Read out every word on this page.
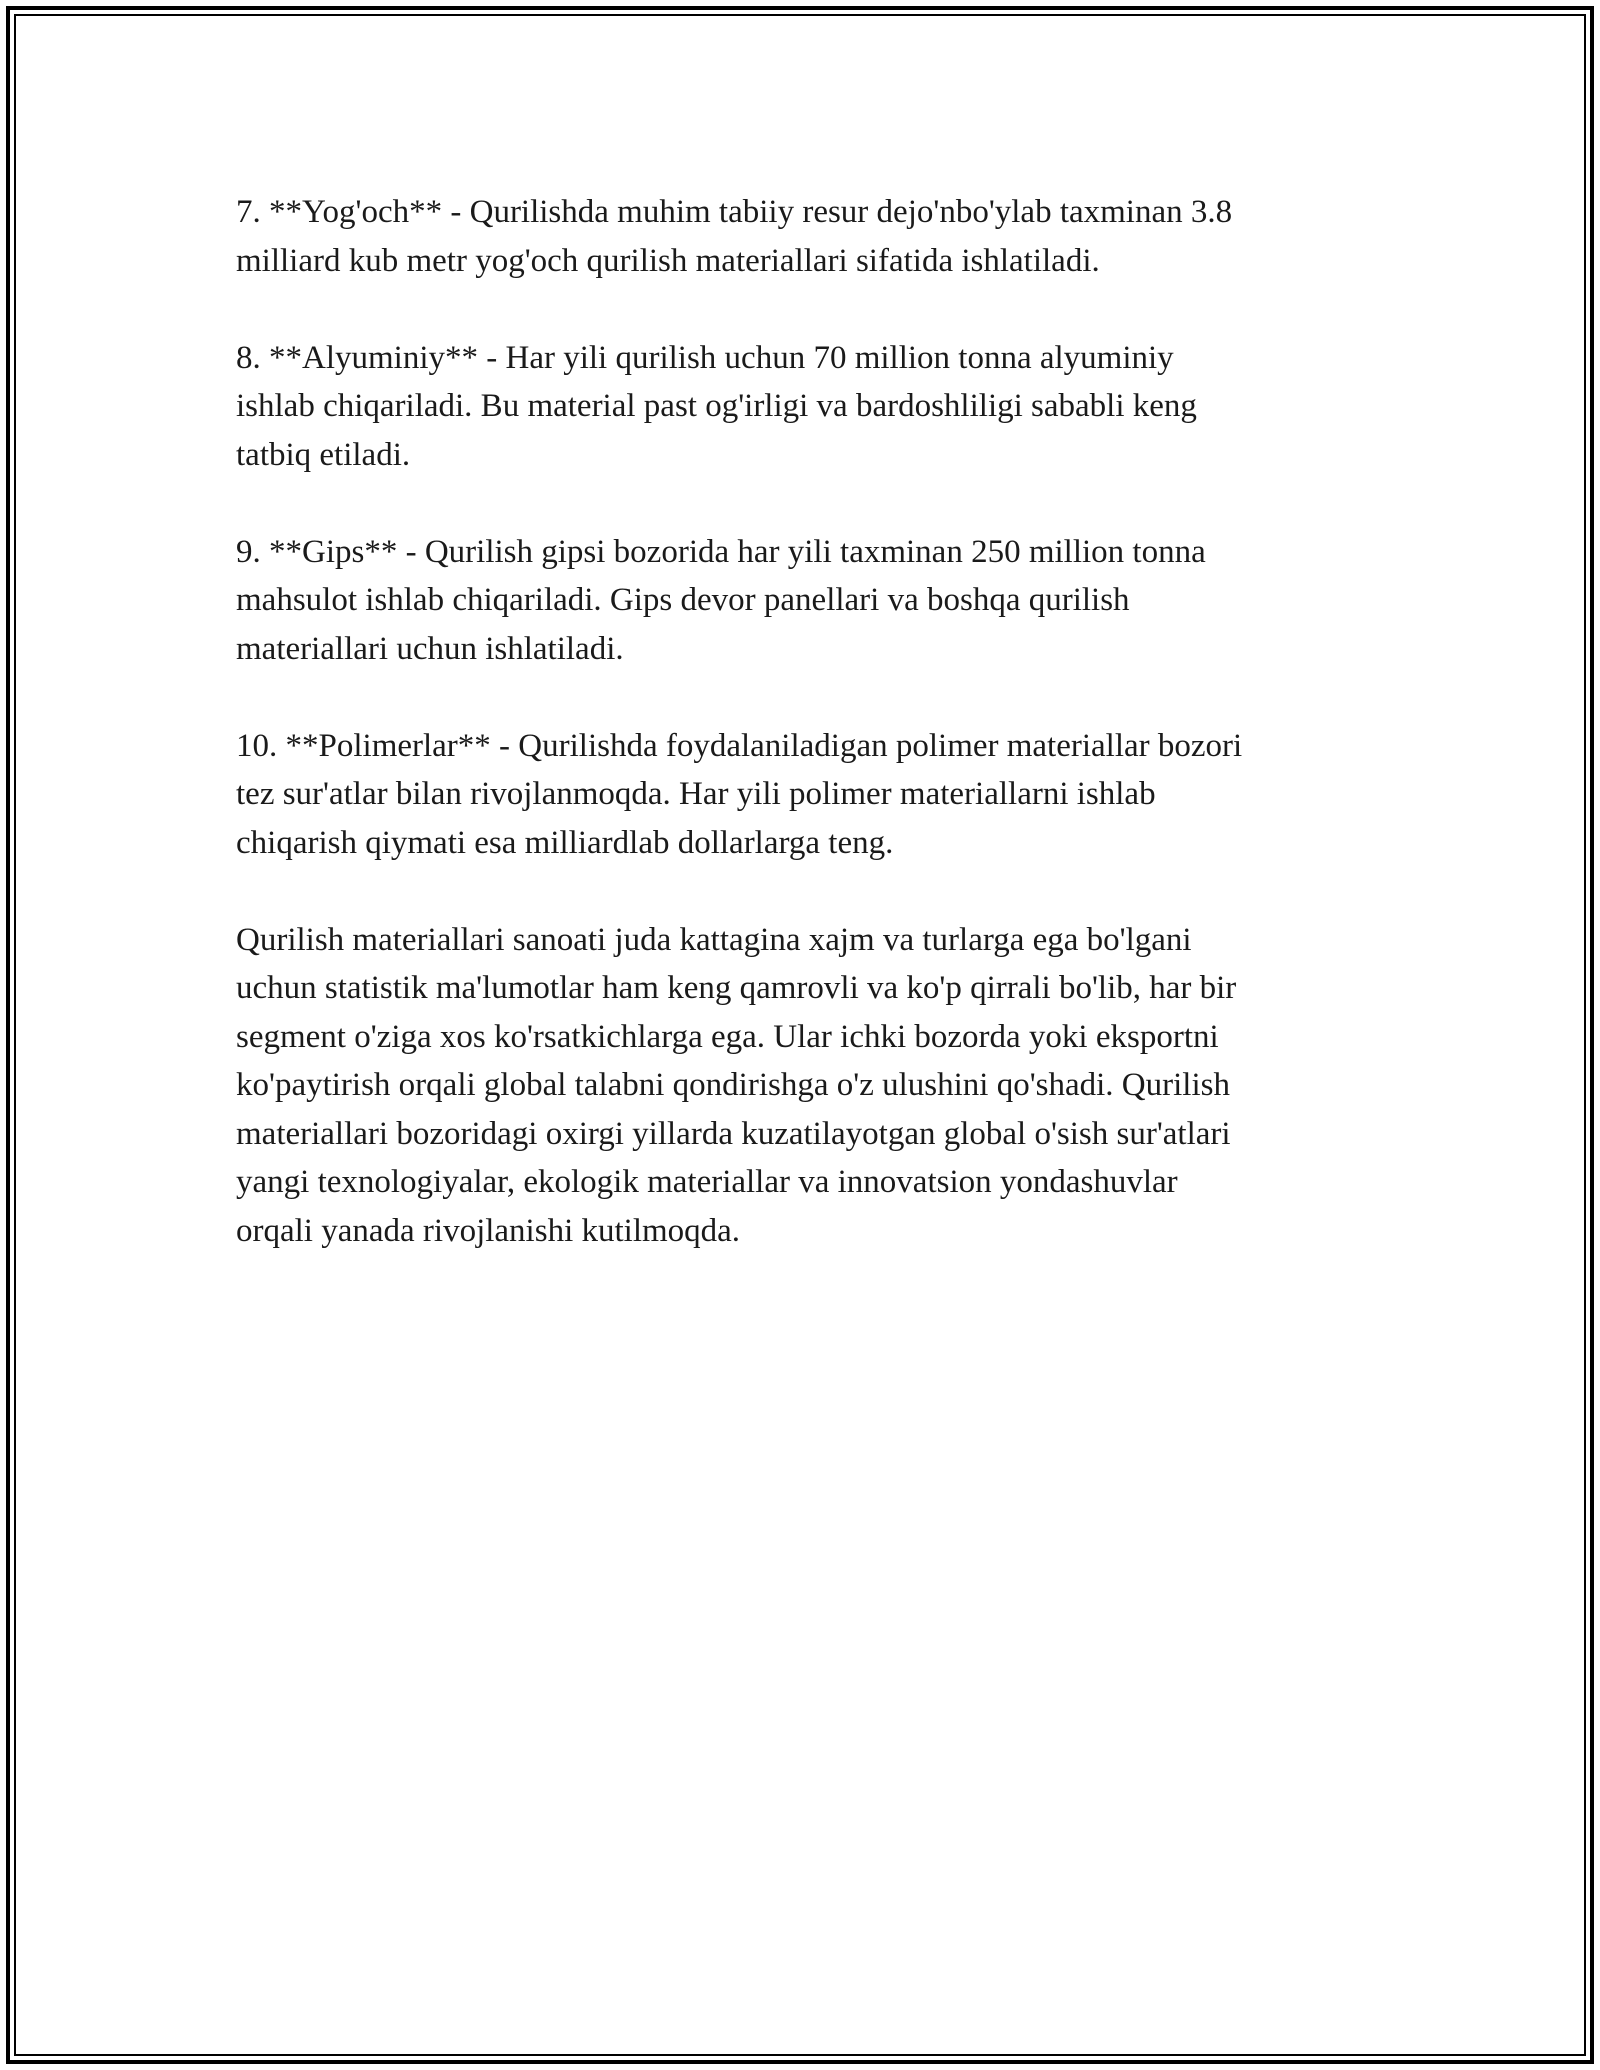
7. **Yog'och** - Qurilishda muhim tabiiy resur dejo'nbo'ylab taxminan 3.8
milliard kub metr yog'och qurilish materiallari sifatida ishlatiladi.

8. **Alyuminiy** - Har yili qurilish uchun 70 million tonna alyuminiy
ishlab chiqariladi. Bu material past og'irligi va bardoshliligi sababli keng
tatbiq etiladi.

9. **Gips** - Qurilish gipsi bozorida har yili taxminan 250 million tonna
mahsulot ishlab chiqariladi. Gips devor panellari va boshqa qurilish
materiallari uchun ishlatiladi.

10. **Polimerlar** - Qurilishda foydalaniladigan polimer materiallar bozori
tez sur'atlar bilan rivojlanmoqda. Har yili polimer materiallarni ishlab
chiqarish qiymati esa milliardlab dollarlarga teng.

Qurilish materiallari sanoati juda kattagina xajm va turlarga ega bo'lgani
uchun statistik ma'lumotlar ham keng qamrovli va ko'p qirrali bo'lib, har bir
segment o'ziga xos ko'rsatkichlarga ega. Ular ichki bozorda yoki eksportni
ko'paytirish orqali global talabni qondirishga o'z ulushini qo'shadi. Qurilish
materiallari bozoridagi oxirgi yillarda kuzatilayotgan global o'sish sur'atlari
yangi texnologiyalar, ekologik materiallar va innovatsion yondashuvlar
orqali yanada rivojlanishi kutilmoqda.
